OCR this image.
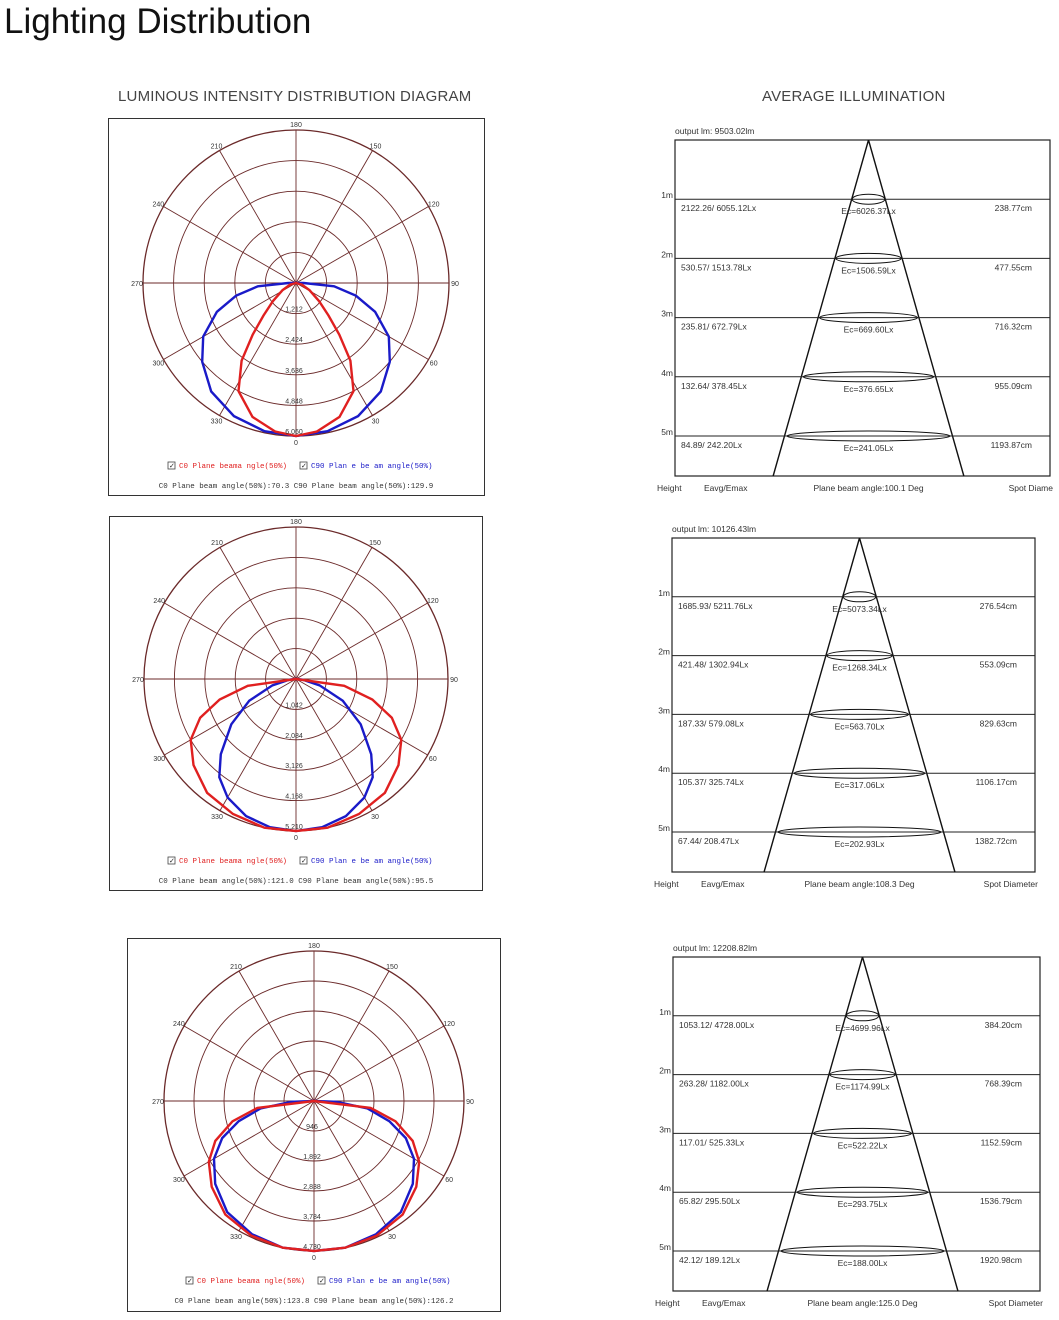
Lighting Distribution
LUMINOUS INTENSITY DISTRIBUTION DIAGRAM	AVERAGE ILLUMINATION
180
150
120
90
60
30
0
330
300
270
240
210
1,212
2,424
3,636
4,848
6,060
✓ C0 Plane beama ngle(50%) ✓ C90 Plan e be am angle(50%)
C0 Plane beam angle(50%):70.3 C90 Plane beam angle(50%):129.9
180
150
120
90
60
30
0
330
300
270
240
210
1,042
2,084
3,126
4,168
5,210
✓ C0 Plane beama ngle(50%) ✓ C90 Plan e be am angle(50%)
C0 Plane beam angle(50%):121.0 C90 Plane beam angle(50%):95.5
180
150
120
90
60
30
0
330
300
270
240
210
946
1,892
2,838
3,784
4,730
✓ C0 Plane beama ngle(50%) ✓ C90 Plan e be am angle(50%)
C0 Plane beam angle(50%):123.8 C90 Plane beam angle(50%):126.2
output lm: 9503.02lm
1m
2122.26/ 6055.12Lx	Ec=6026.37Lx	238.77cm
2m
530.57/ 1513.78Lx	Ec=1506.59Lx	477.55cm
3m
235.81/ 672.79Lx	Ec=669.60Lx	716.32cm
4m
132.64/ 378.45Lx	Ec=376.65Lx	955.09cm
5m
84.89/ 242.20Lx	Ec=241.05Lx	1193.87cm
Height	Eavg/Emax	Plane beam angle:100.1 Deg	Spot Diame
output lm: 10126.43lm
1m
1685.93/ 5211.76Lx	Ec=5073.34Lx	276.54cm
2m
421.48/ 1302.94Lx	Ec=1268.34Lx	553.09cm
3m
187.33/ 579.08Lx	Ec=563.70Lx	829.63cm
4m
105.37/ 325.74Lx	Ec=317.06Lx	1106.17cm
5m
67.44/ 208.47Lx	Ec=202.93Lx	1382.72cm
Height	Eavg/Emax	Plane beam angle:108.3 Deg	Spot Diameter
output lm: 12208.82lm
1m
1053.12/ 4728.00Lx	Ec=4699.96Lx	384.20cm
2m
263.28/ 1182.00Lx	Ec=1174.99Lx	768.39cm
3m
117.01/ 525.33Lx	Ec=522.22Lx	1152.59cm
4m
65.82/ 295.50Lx	Ec=293.75Lx	1536.79cm
5m
42.12/ 189.12Lx	Ec=188.00Lx	1920.98cm
Height	Eavg/Emax	Plane beam angle:125.0 Deg	Spot Diameter
